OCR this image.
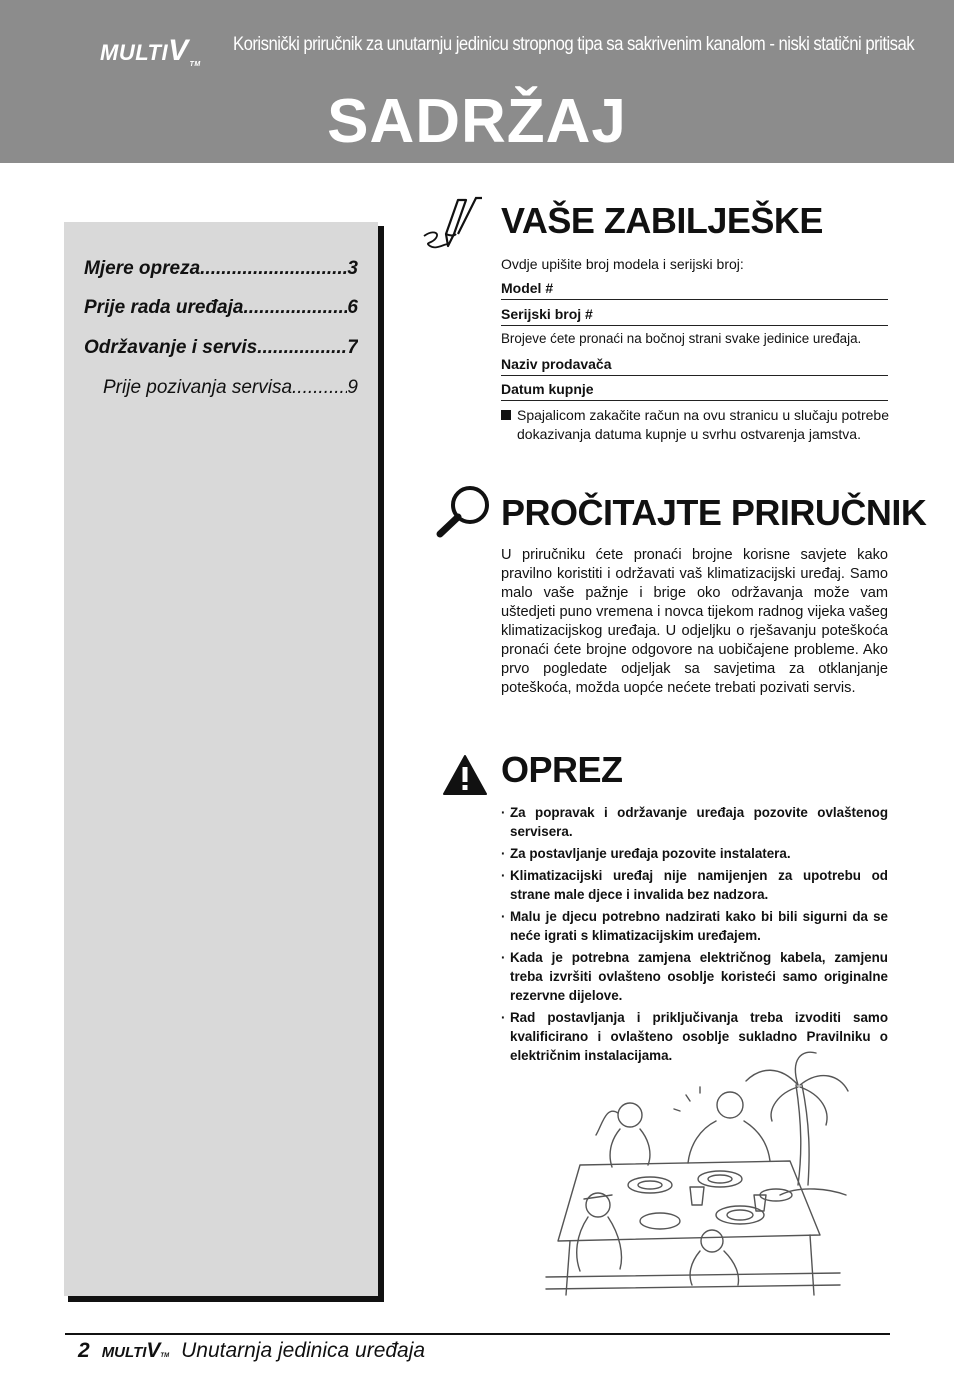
MULTIVTM
Korisnički priručnik za unutarnju jedinicu stropnog tipa sa sakrivenim kanalom - niski statični pritisak
SADRŽAJ
Mjere opreza .....	3
Prije rada uređaja .....	6
Održavanje i servis .....	7
Prije pozivanja servisa .....	9
VAŠE ZABILJEŠKE
Ovdje upišite broj modela i serijski broj:
Model #
Serijski broj #
Brojeve ćete pronaći na bočnoj strani svake jedinice uređaja.
Naziv prodavača
Datum kupnje
Spajalicom zakačite račun na ovu stranicu u slučaju potrebe dokazivanja datuma kupnje u svrhu ostvarenja jamstva.
PROČITAJTE PRIRUČNIK
U priručniku ćete pronaći brojne korisne savjete kako pravilno koristiti i održavati vaš klimatizacijski uređaj. Samo malo vaše pažnje i brige oko održavanja može vam uštedjeti puno vremena i novca tijekom radnog vijeka vašeg klimatizacijskog uređaja. U odjeljku o rješavanju poteškoća pronaći ćete brojne odgovore na uobičajene probleme. Ako prvo pogledate odjeljak sa savjetima za otklanjanje poteškoća, možda uopće nećete trebati pozivati servis.
OPREZ
· Za popravak i održavanje uređaja pozovite ovlaštenog servisera.
· Za postavljanje uređaja pozovite instalatera.
· Klimatizacijski uređaj nije namijenjen za upotrebu od strane male djece i invalida bez nadzora.
· Malu je djecu potrebno nadzirati kako bi bili sigurni da se neće igrati s klimatizacijskim uređajem.
· Kada je potrebna zamjena električnog kabela, zamjenu treba izvršiti ovlašteno osoblje koristeći samo originalne rezervne dijelove.
· Rad postavljanja i priključivanja treba izvoditi samo kvalificirano i ovlašteno osoblje sukladno Pravilniku o električnim instalacijama.
2 MULTIVTM Unutarnja jedinica uređaja
